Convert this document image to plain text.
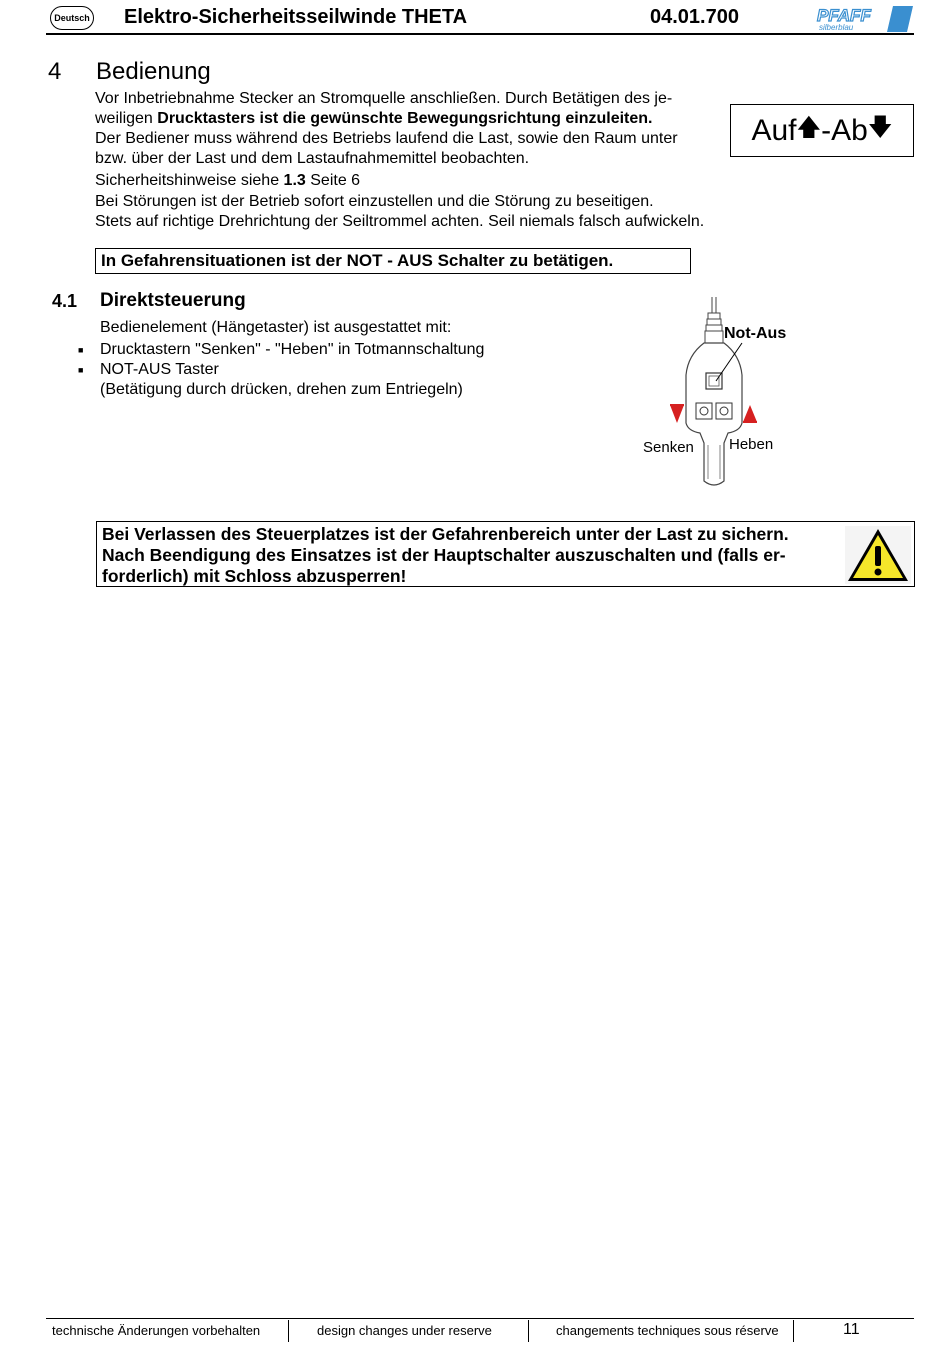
Deutsch Elektro-Sicherheitsseilwinde THETA	04.01.700	PFAFF
silberblau
4 Bedienung
Vor Inbetriebnahme Stecker an Stromquelle anschließen. Durch Betätigen des je-weiligen Drucktasters ist die gewünschte Bewegungsrichtung einzuleiten.
Der Bediener muss während des Betriebs laufend die Last, sowie den Raum unter
bzw. über der Last und dem Lastaufnahmemittel beobachten.
Sicherheitshinweise siehe 1.3 Seite 6
Bei Störungen ist der Betrieb sofort einzustellen und die Störung zu beseitigen.
Stets auf richtige Drehrichtung der Seiltrommel achten. Seil niemals falsch aufwickeln.
Auf 🡅 -Ab 🡇
In Gefahrensituationen ist der NOT - AUS Schalter zu betätigen.
4.1 Direktsteuerung
Bedienelement (Hängetaster) ist ausgestattet mit:
■	Drucktastern "Senken" - "Heben" in Totmannschaltung
■	NOT-AUS Taster
(Betätigung durch drücken, drehen zum Entriegeln)
Not-Aus
Senken Heben
Bei Verlassen des Steuerplatzes ist der Gefahrenbereich unter der Last zu sichern.
Nach Beendigung des Einsatzes ist der Hauptschalter auszuschalten und (falls er-
forderlich) mit Schloss abzusperren!
technische Änderungen vorbehalten	design changes under reserve	changements techniques sous réserve	11
